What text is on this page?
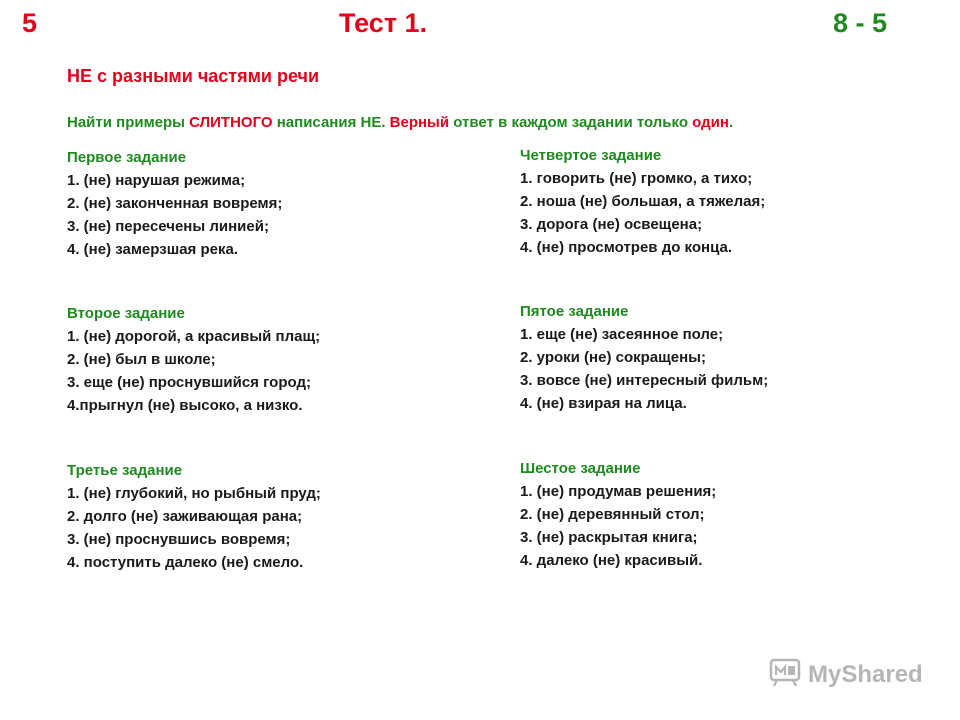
5	Тест 1.	8 - 5
НЕ с разными частями речи
Найти примеры СЛИТНОГО написания НЕ. Верный ответ в каждом задании только один.
Первое задание
1. (не) нарушая режима;
2. (не) законченная вовремя;
3. (не) пересечены линией;
4. (не) замерзшая река.
Второе задание
1. (не) дорогой, а красивый плащ;
2. (не) был в школе;
3. еще (не) проснувшийся город;
4.прыгнул (не) высоко, а низко.
Третье задание
1. (не) глубокий, но рыбный пруд;
2. долго (не) заживающая рана;
3. (не) проснувшись вовремя;
4. поступить далеко (не) смело.
Четвертое задание
1. говорить (не) громко, а тихо;
2. ноша (не) большая, а тяжелая;
3. дорога (не) освещена;
4. (не) просмотрев до конца.
Пятое задание
1. еще (не) засеянное поле;
2. уроки (не) сокращены;
3. вовсе (не) интересный фильм;
4. (не) взирая на лица.
Шестое задание
1. (не) продумав решения;
2. (не) деревянный стол;
3. (не) раскрытая книга;
4. далеко (не) красивый.
MyShared
